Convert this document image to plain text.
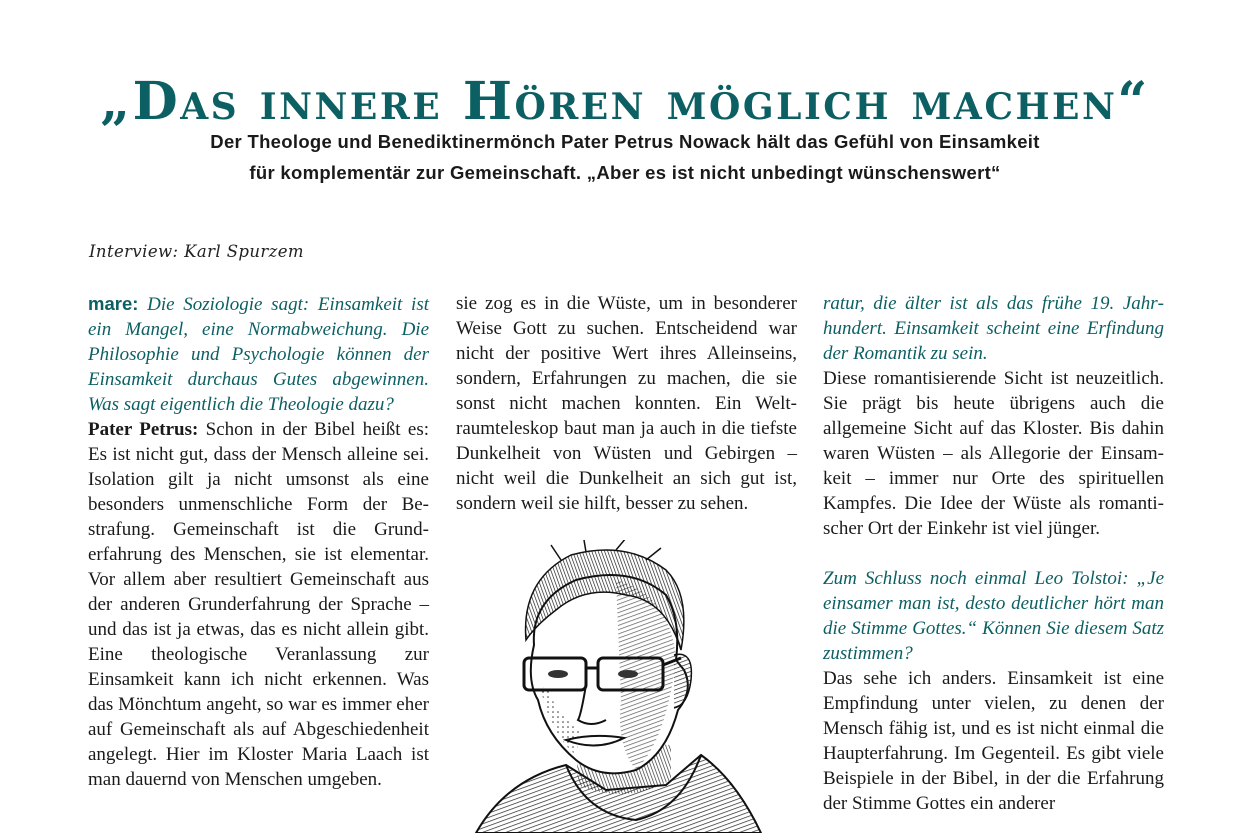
„Das innere Hören möglich machen“
Der Theologe und Benediktinermönch Pater Petrus Nowack hält das Gefühl von Einsamkeit
für komplementär zur Gemeinschaft. „Aber es ist nicht unbedingt wünschenswert“
Interview: Karl Spurzem

mare: Die Soziologie sagt: Einsamkeit ist ein Mangel, eine Normabweichung. Die Philosophie und Psychologie können der Einsamkeit durchaus Gutes abgewinnen. Was sagt eigentlich die Theologie dazu?

Pater Petrus: Schon in der Bibel heißt es: Es ist nicht gut, dass der Mensch alleine sei. Isolation gilt ja nicht umsonst als eine besonders unmenschliche Form der Bestrafung. Gemeinschaft ist die Grunderfahrung des Menschen, sie ist elementar. Vor allem aber resultiert Gemeinschaft aus der anderen Grunderfahrung der Sprache – und das ist ja etwas, das es nicht allein gibt. Eine theologische Veranlassung zur Einsamkeit kann ich nicht erkennen. Was das Mönchtum angeht, so war es immer eher auf Gemeinschaft als auf Abgeschiedenheit angelegt. Hier im Kloster Maria Laach ist man dauernd von Menschen umgeben.

sie zog es in die Wüste, um in besonderer Weise Gott zu suchen. Entscheidend war nicht der positive Wert ihres Alleinseins, sondern, Erfahrungen zu machen, die sie sonst nicht machen konnten. Ein Weltraumteleskop baut man ja auch in die tiefste Dunkelheit von Wüsten und Gebirgen – nicht weil die Dunkelheit an sich gut ist, sondern weil sie hilft, besser zu sehen.

ratur, die älter ist als das frühe 19. Jahrhundert. Einsamkeit scheint eine Erfindung der Romantik zu sein.

Diese romantisierende Sicht ist neuzeitlich. Sie prägt bis heute übrigens auch die allgemeine Sicht auf das Kloster. Bis dahin waren Wüsten – als Allegorie der Einsamkeit – immer nur Orte des spirituellen Kampfes. Die Idee der Wüste als romantischer Ort der Einkehr ist viel jünger.

Zum Schluss noch einmal Leo Tolstoi: „Je einsamer man ist, desto deutlicher hört man die Stimme Gottes.“ Können Sie diesem Satz zustimmen?

Das sehe ich anders. Einsamkeit ist eine Empfindung unter vielen, zu denen der Mensch fähig ist, und es ist nicht einmal die Haupterfahrung. Im Gegenteil. Es gibt viele Beispiele in der Bibel, in der die Erfahrung der Stimme Gottes ein anderer
